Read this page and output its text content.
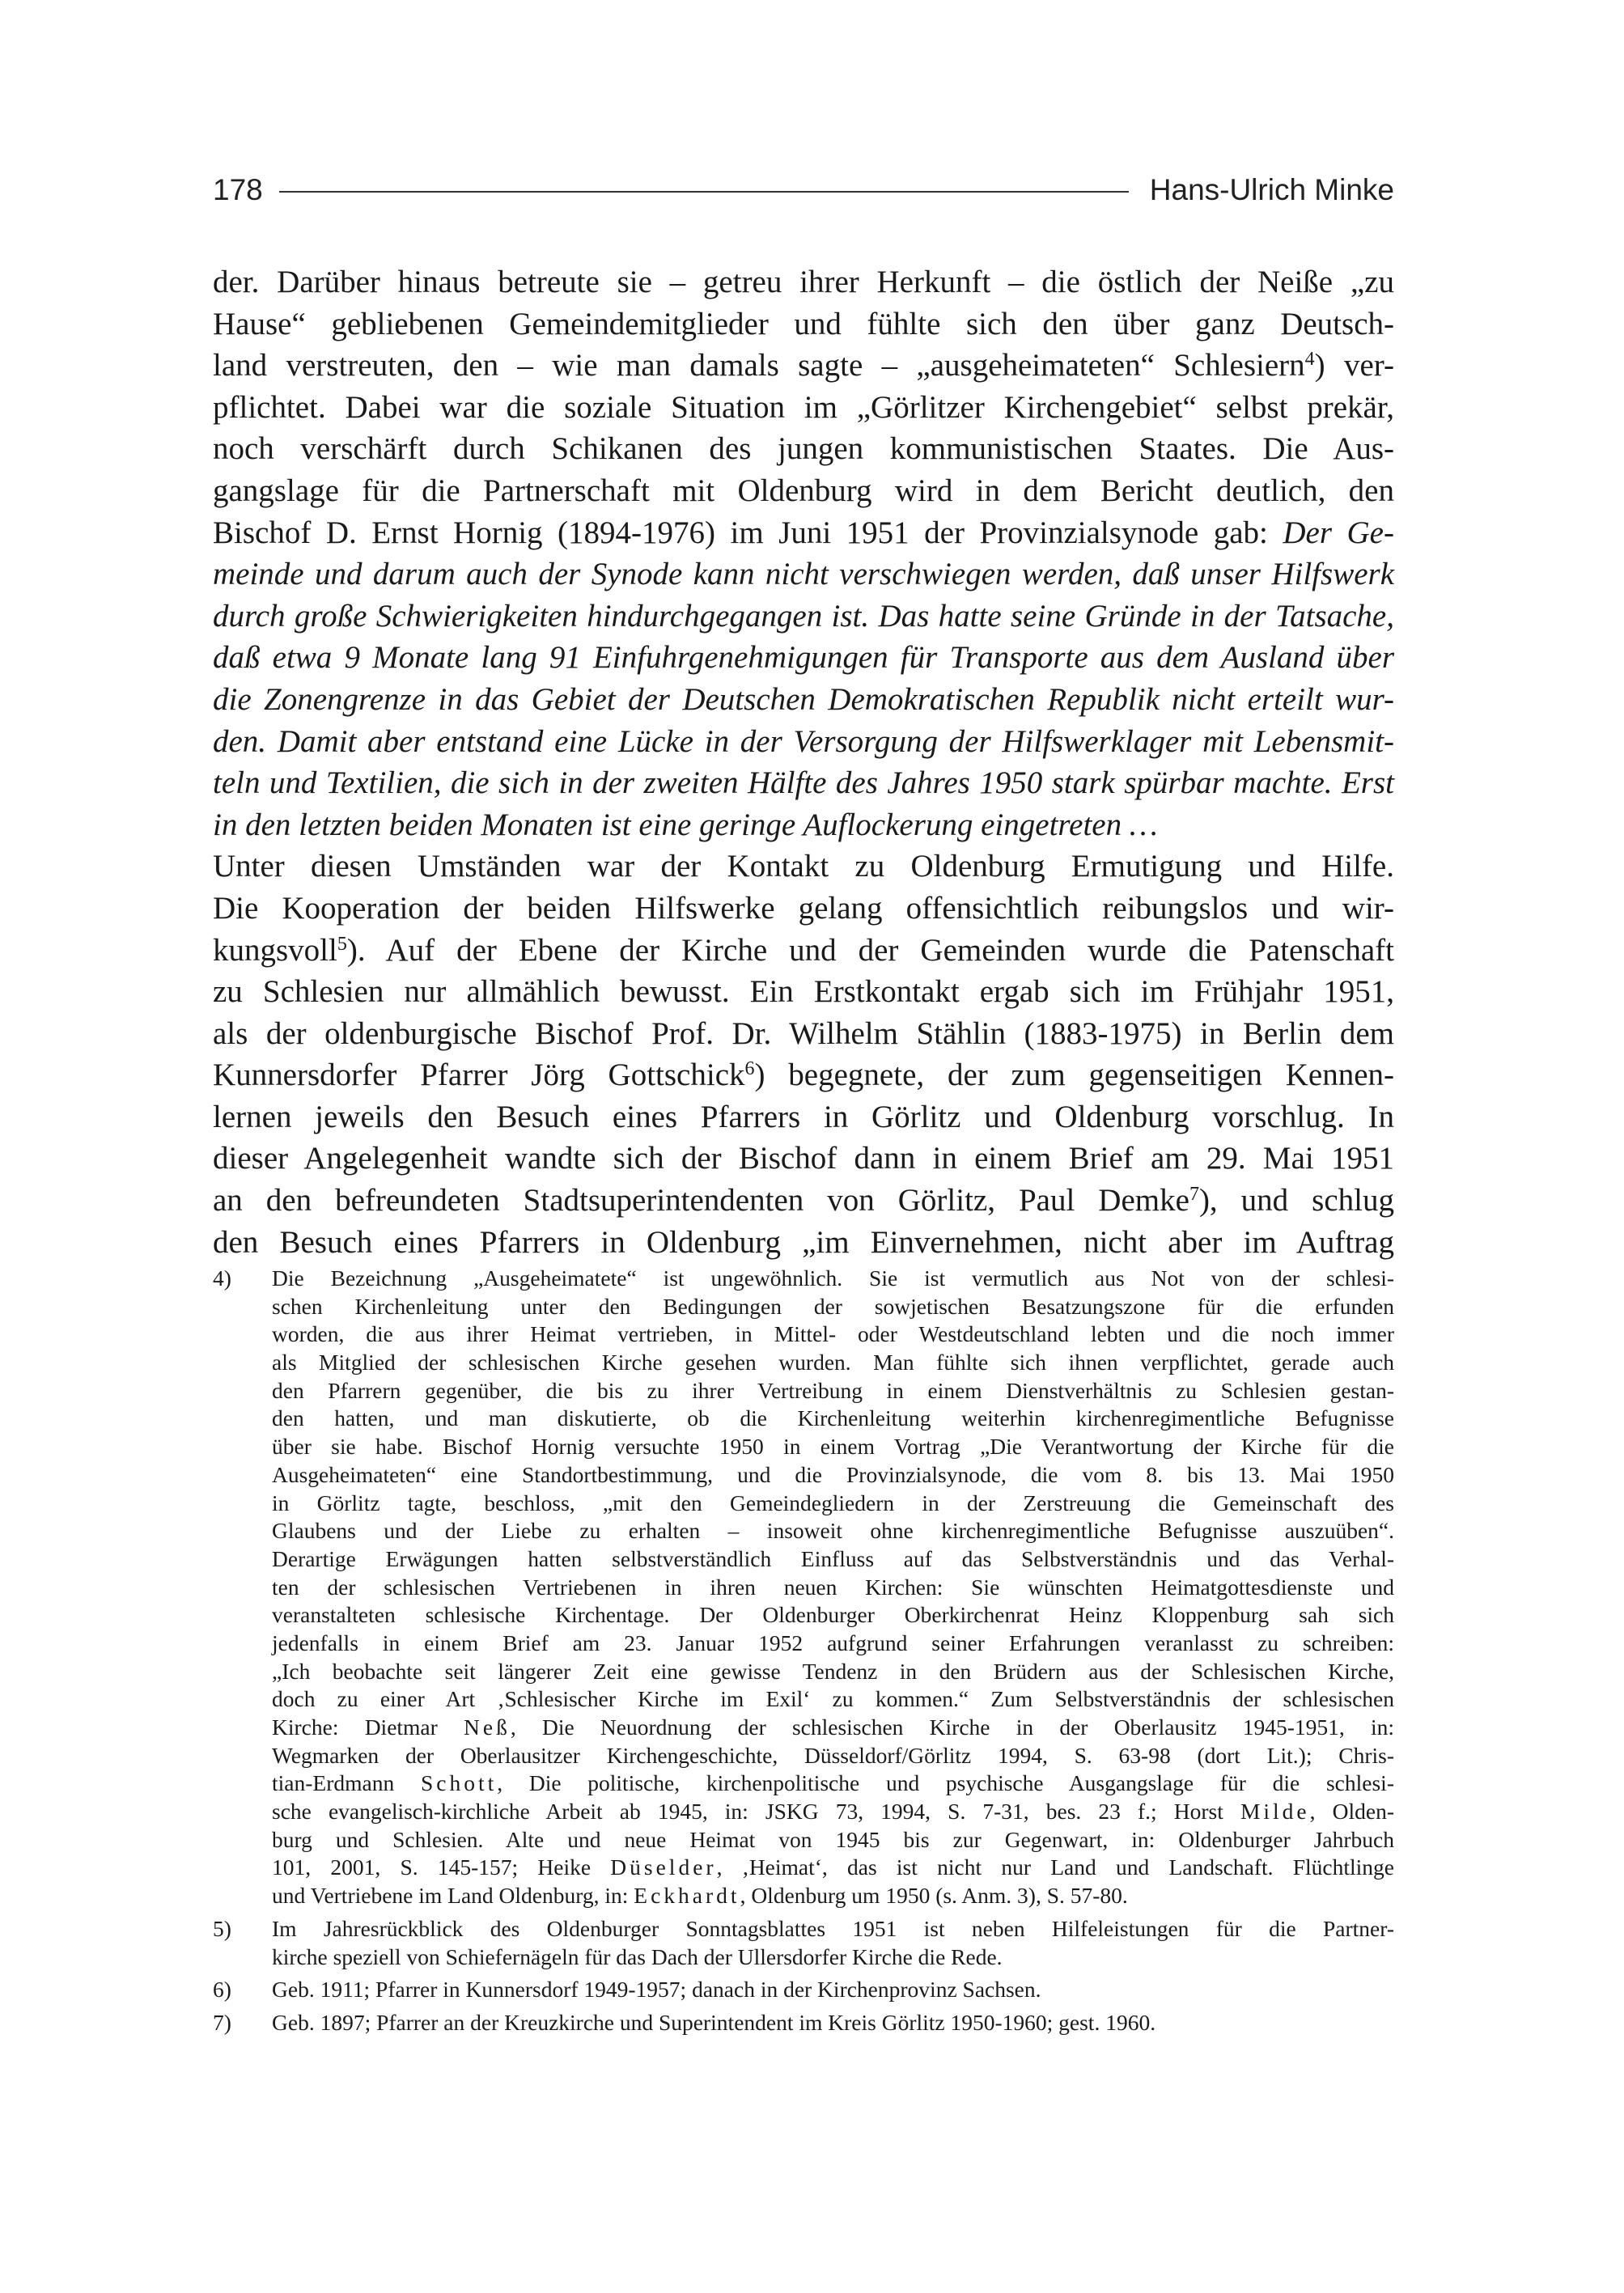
178	Hans-Ulrich Minke
der. Darüber hinaus betreute sie – getreu ihrer Herkunft – die östlich der Neiße „zu
Hause“ gebliebenen Gemeindemitglieder und fühlte sich den über ganz Deutsch-
land verstreuten, den – wie man damals sagte – „ausgeheimateten“ Schlesiern$^4$) ver-
pflichtet. Dabei war die soziale Situation im „Görlitzer Kirchengebiet“ selbst prekär,
noch verschärft durch Schikanen des jungen kommunistischen Staates. Die Aus-
gangslage für die Partnerschaft mit Oldenburg wird in dem Bericht deutlich, den
Bischof D. Ernst Hornig (1894-1976) im Juni 1951 der Provinzialsynode gab: Der Ge-
meinde und darum auch der Synode kann nicht verschwiegen werden, daß unser Hilfswerk
durch große Schwierigkeiten hindurchgegangen ist. Das hatte seine Gründe in der Tatsache,
daß etwa 9 Monate lang 91 Einfuhrgenehmigungen für Transporte aus dem Ausland über
die Zonengrenze in das Gebiet der Deutschen Demokratischen Republik nicht erteilt wur-
den. Damit aber entstand eine Lücke in der Versorgung der Hilfswerklager mit Lebensmit-
teln und Textilien, die sich in der zweiten Hälfte des Jahres 1950 stark spürbar machte. Erst
in den letzten beiden Monaten ist eine geringe Auflockerung eingetreten …
Unter diesen Umständen war der Kontakt zu Oldenburg Ermutigung und Hilfe.
Die Kooperation der beiden Hilfswerke gelang offensichtlich reibungslos und wir-
kungsvoll$^5$). Auf der Ebene der Kirche und der Gemeinden wurde die Patenschaft
zu Schlesien nur allmählich bewusst. Ein Erstkontakt ergab sich im Frühjahr 1951,
als der oldenburgische Bischof Prof. Dr. Wilhelm Stählin (1883-1975) in Berlin dem
Kunnersdorfer Pfarrer Jörg Gottschick$^6$) begegnete, der zum gegenseitigen Kennen-
lernen jeweils den Besuch eines Pfarrers in Görlitz und Oldenburg vorschlug. In
dieser Angelegenheit wandte sich der Bischof dann in einem Brief am 29. Mai 1951
an den befreundeten Stadtsuperintendenten von Görlitz, Paul Demke$^7$), und schlug
den Besuch eines Pfarrers in Oldenburg „im Einvernehmen, nicht aber im Auftrag
4)	Die Bezeichnung „Ausgeheimatete“ ist ungewöhnlich. Sie ist vermutlich aus Not von der schlesi-
schen Kirchenleitung unter den Bedingungen der sowjetischen Besatzungszone für die erfunden
worden, die aus ihrer Heimat vertrieben, in Mittel- oder Westdeutschland lebten und die noch immer
als Mitglied der schlesischen Kirche gesehen wurden. Man fühlte sich ihnen verpflichtet, gerade auch
den Pfarrern gegenüber, die bis zu ihrer Vertreibung in einem Dienstverhältnis zu Schlesien gestan-
den hatten, und man diskutierte, ob die Kirchenleitung weiterhin kirchenregimentliche Befugnisse
über sie habe. Bischof Hornig versuchte 1950 in einem Vortrag „Die Verantwortung der Kirche für die
Ausgeheimateten“ eine Standortbestimmung, und die Provinzialsynode, die vom 8. bis 13. Mai 1950
in Görlitz tagte, beschloss, „mit den Gemeindegliedern in der Zerstreuung die Gemeinschaft des
Glaubens und der Liebe zu erhalten – insoweit ohne kirchenregimentliche Befugnisse auszuüben“.
Derartige Erwägungen hatten selbstverständlich Einfluss auf das Selbstverständnis und das Verhal-
ten der schlesischen Vertriebenen in ihren neuen Kirchen: Sie wünschten Heimatgottesdienste und
veranstalteten schlesische Kirchentage. Der Oldenburger Oberkirchenrat Heinz Kloppenburg sah sich
jedenfalls in einem Brief am 23. Januar 1952 aufgrund seiner Erfahrungen veranlasst zu schreiben:
„Ich beobachte seit längerer Zeit eine gewisse Tendenz in den Brüdern aus der Schlesischen Kirche,
doch zu einer Art ‚Schlesischer Kirche im Exil‘ zu kommen.“ Zum Selbstverständnis der schlesischen
Kirche: Dietmar Neß, Die Neuordnung der schlesischen Kirche in der Oberlausitz 1945-1951, in:
Wegmarken der Oberlausitzer Kirchengeschichte, Düsseldorf/Görlitz 1994, S. 63-98 (dort Lit.); Chris-
tian-Erdmann Schott, Die politische, kirchenpolitische und psychische Ausgangslage für die schlesi-
sche evangelisch-kirchliche Arbeit ab 1945, in: JSKG 73, 1994, S. 7-31, bes. 23 f.; Horst Milde, Olden-
burg und Schlesien. Alte und neue Heimat von 1945 bis zur Gegenwart, in: Oldenburger Jahrbuch
101, 2001, S. 145-157; Heike Düselder, ‚Heimat‘, das ist nicht nur Land und Landschaft. Flüchtlinge
und Vertriebene im Land Oldenburg, in: Eckhardt, Oldenburg um 1950 (s. Anm. 3), S. 57-80.
5)	Im Jahresrückblick des Oldenburger Sonntagsblattes 1951 ist neben Hilfeleistungen für die Partner-
kirche speziell von Schiefernägeln für das Dach der Ullersdorfer Kirche die Rede.
6)	Geb. 1911; Pfarrer in Kunnersdorf 1949-1957; danach in der Kirchenprovinz Sachsen.
7)	Geb. 1897; Pfarrer an der Kreuzkirche und Superintendent im Kreis Görlitz 1950-1960; gest. 1960.
